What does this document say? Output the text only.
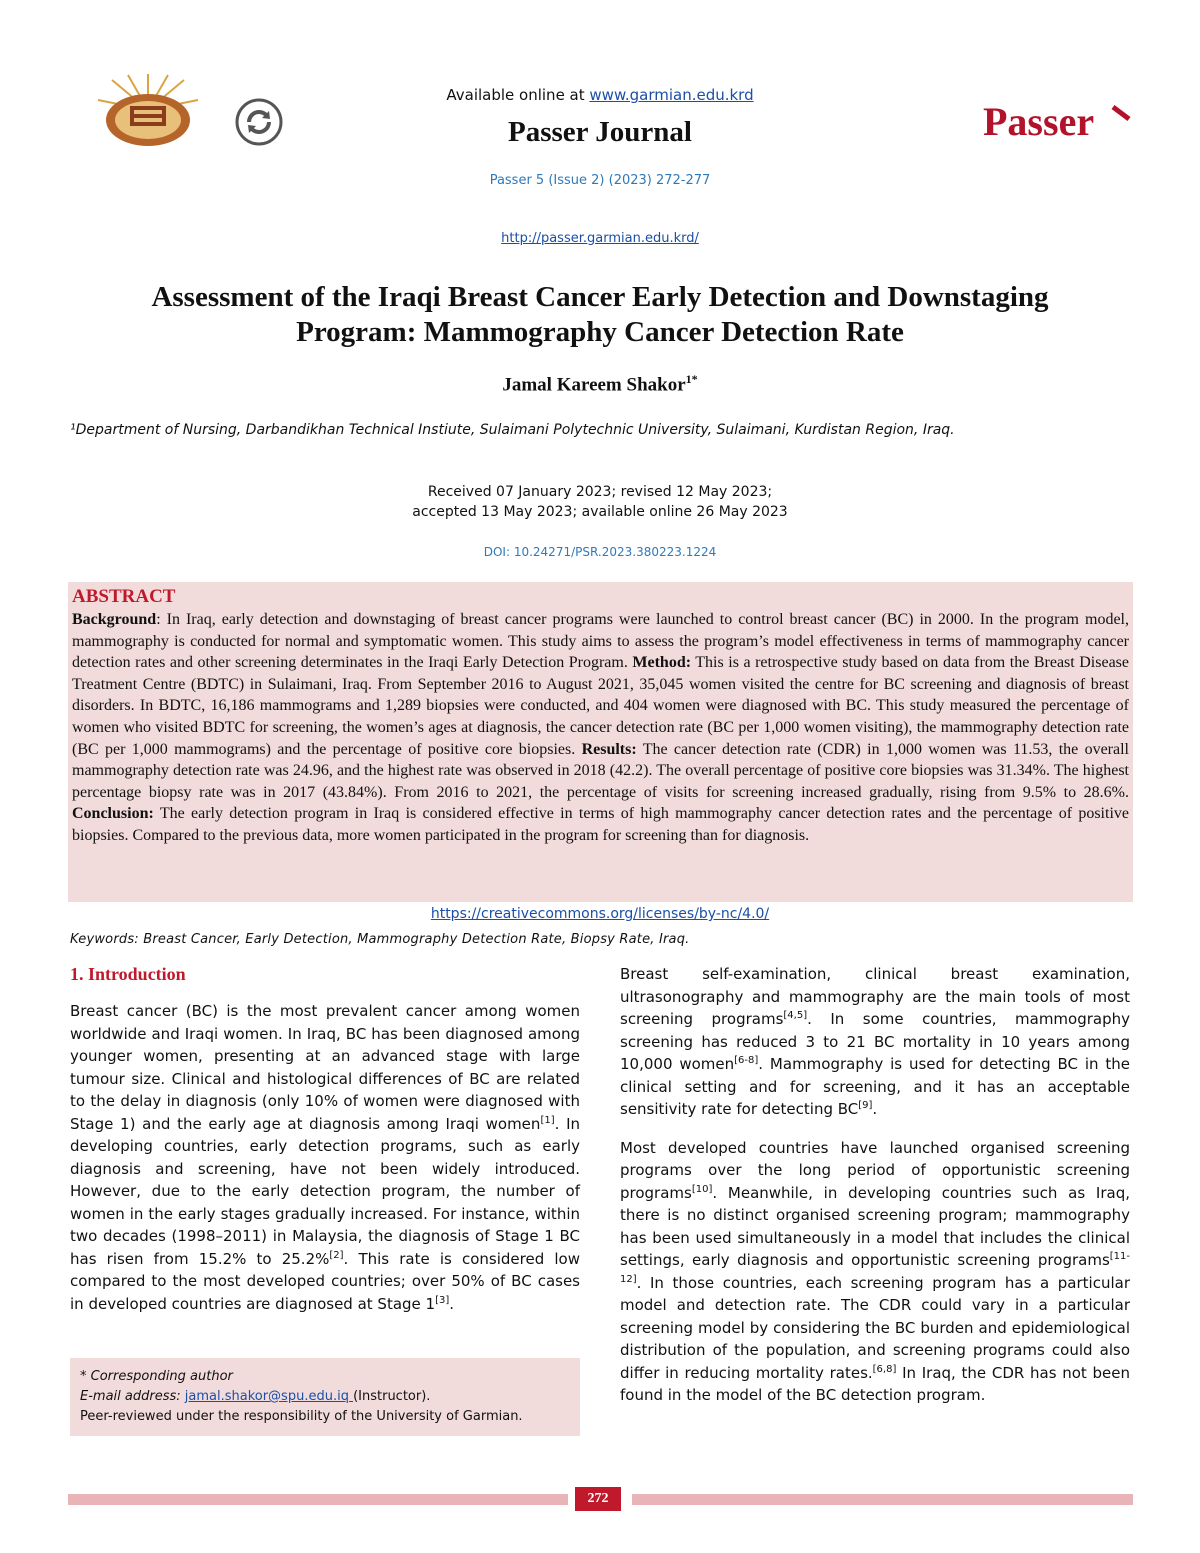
Passer
Available online at www.garmian.edu.krd
Passer Journal
Passer 5 (Issue 2) (2023) 272-277
http://passer.garmian.edu.krd/
Assessment of the Iraqi Breast Cancer Early Detection and Downstaging Program: Mammography Cancer Detection Rate
Jamal Kareem Shakor$^{1*}$
¹Department of Nursing, Darbandikhan Technical Instiute, Sulaimani Polytechnic University, Sulaimani, Kurdistan Region, Iraq.
Received 07 January 2023; revised 12 May 2023;
accepted 13 May 2023; available online 26 May 2023
DOI: 10.24271/PSR.2023.380223.1224
ABSTRACT
Background: In Iraq, early detection and downstaging of breast cancer programs were launched to control breast cancer (BC) in 2000. In the program model, mammography is conducted for normal and symptomatic women. This study aims to assess the program’s model effectiveness in terms of mammography cancer detection rates and other screening determinates in the Iraqi Early Detection Program. Method: This is a retrospective study based on data from the Breast Disease Treatment Centre (BDTC) in Sulaimani, Iraq. From September 2016 to August 2021, 35,045 women visited the centre for BC screening and diagnosis of breast disorders. In BDTC, 16,186 mammograms and 1,289 biopsies were conducted, and 404 women were diagnosed with BC. This study measured the percentage of women who visited BDTC for screening, the women’s ages at diagnosis, the cancer detection rate (BC per 1,000 women visiting), the mammography detection rate (BC per 1,000 mammograms) and the percentage of positive core biopsies. Results: The cancer detection rate (CDR) in 1,000 women was 11.53, the overall mammography detection rate was 24.96, and the highest rate was observed in 2018 (42.2). The overall percentage of positive core biopsies was 31.34%. The highest percentage biopsy rate was in 2017 (43.84%). From 2016 to 2021, the percentage of visits for screening increased gradually, rising from 9.5% to 28.6%. Conclusion: The early detection program in Iraq is considered effective in terms of high mammography cancer detection rates and the percentage of positive biopsies. Compared to the previous data, more women participated in the program for screening than for diagnosis.
https://creativecommons.org/licenses/by-nc/4.0/
Keywords: Breast Cancer, Early Detection, Mammography Detection Rate, Biopsy Rate, Iraq.
1. Introduction

Breast cancer (BC) is the most prevalent cancer among women worldwide and Iraqi women. In Iraq, BC has been diagnosed among younger women, presenting at an advanced stage with large tumour size. Clinical and histological differences of BC are related to the delay in diagnosis (only 10% of women were diagnosed with Stage 1) and the early age at diagnosis among Iraqi women[1]. In developing countries, early detection programs, such as early diagnosis and screening, have not been widely introduced. However, due to the early detection program, the number of women in the early stages gradually increased. For instance, within two decades (1998–2011) in Malaysia, the diagnosis of Stage 1 BC has risen from 15.2% to 25.2%[2]. This rate is considered low compared to the most developed countries; over 50% of BC cases in developed countries are diagnosed at Stage 1[3].

Breast self-examination, clinical breast examination, ultrasonography and mammography are the main tools of most screening programs[4,5]. In some countries, mammography screening has reduced 3 to 21 BC mortality in 10 years among 10,000 women[6-8]. Mammography is used for detecting BC in the clinical setting and for screening, and it has an acceptable sensitivity rate for detecting BC[9].

Most developed countries have launched organised screening programs over the long period of opportunistic screening programs[10]. Meanwhile, in developing countries such as Iraq, there is no distinct organised screening program; mammography has been used simultaneously in a model that includes the clinical settings, early diagnosis and opportunistic screening programs[11-12]. In those countries, each screening program has a particular model and detection rate. The CDR could vary in a particular screening model by considering the BC burden and epidemiological distribution of the population, and screening programs could also differ in reducing mortality rates.[6,8] In Iraq, the CDR has not been found in the model of the BC detection program.

* Corresponding author
E-mail address: jamal.shakor@spu.edu.iq (Instructor).
Peer-reviewed under the responsibility of the University of Garmian.
272
